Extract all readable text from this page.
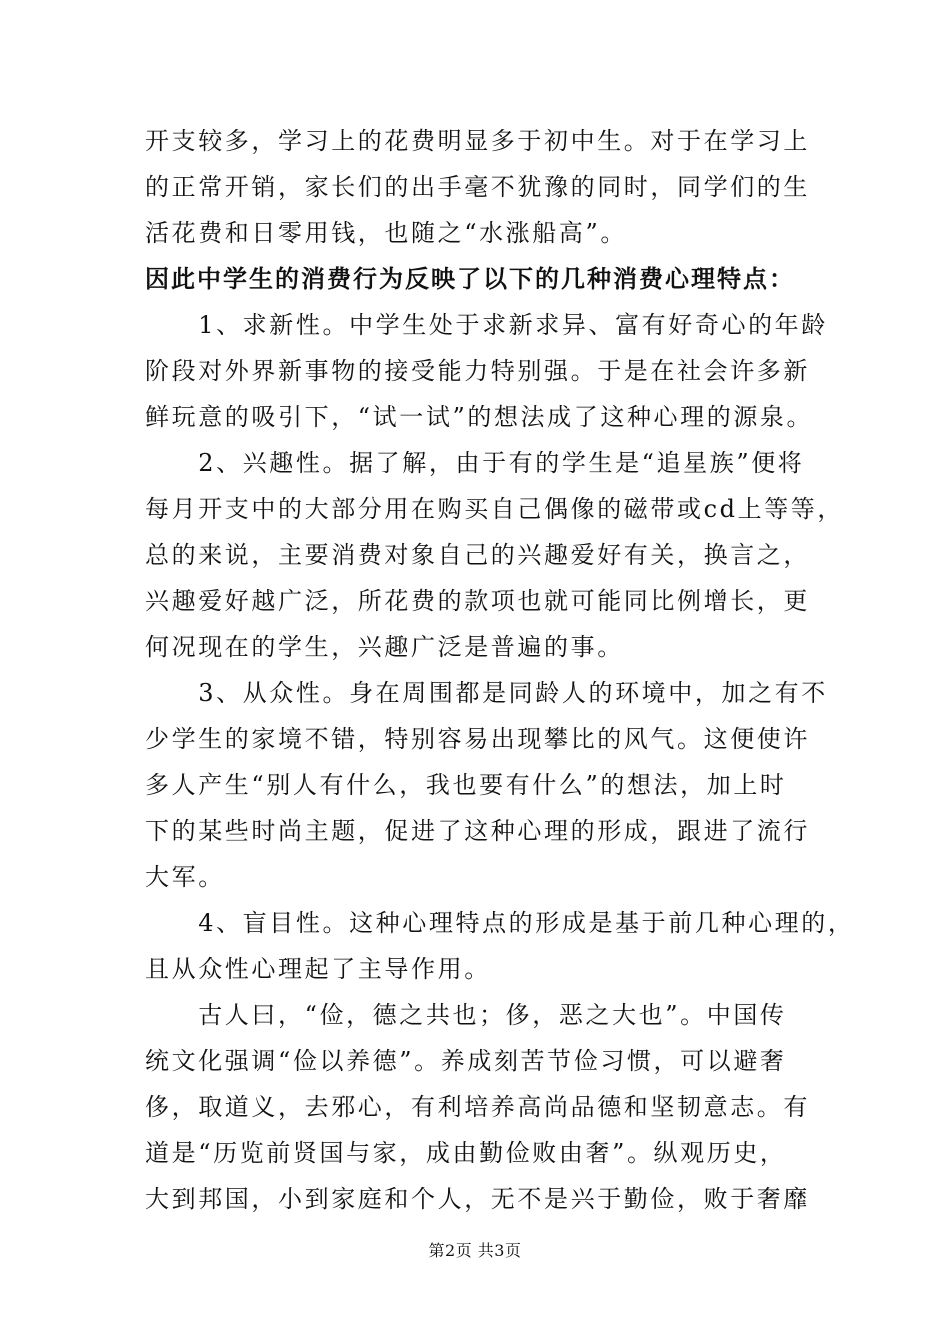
开支较多，学习上的花费明显多于初中生。对于在学习上
的正常开销，家长们的出手毫不犹豫的同时，同学们的生
活花费和日零用钱，也随之“水涨船高”。
因此中学生的消费行为反映了以下的几种消费心理特点：
　　1、求新性。中学生处于求新求异、富有好奇心的年龄
阶段对外界新事物的接受能力特别强。于是在社会许多新
鲜玩意的吸引下，“试一试”的想法成了这种心理的源泉。
　　2、兴趣性。据了解，由于有的学生是“追星族”便将
每月开支中的大部分用在购买自己偶像的磁带或cd上等等，
总的来说，主要消费对象自己的兴趣爱好有关，换言之，
兴趣爱好越广泛，所花费的款项也就可能同比例增长，更
何况现在的学生，兴趣广泛是普遍的事。
　　3、从众性。身在周围都是同龄人的环境中，加之有不
少学生的家境不错，特别容易出现攀比的风气。这便使许
多人产生“别人有什么，我也要有什么”的想法，加上时
下的某些时尚主题，促进了这种心理的形成，跟进了流行
大军。
　　4、盲目性。这种心理特点的形成是基于前几种心理的，
且从众性心理起了主导作用。
　　古人曰，“俭，德之共也；侈，恶之大也”。中国传
统文化强调“俭以养德”。养成刻苦节俭习惯，可以避奢
侈，取道义，去邪心，有利培养高尚品德和坚韧意志。有
道是“历览前贤国与家，成由勤俭败由奢”。纵观历史，
大到邦国，小到家庭和个人，无不是兴于勤俭，败于奢靡
第2页 共3页
